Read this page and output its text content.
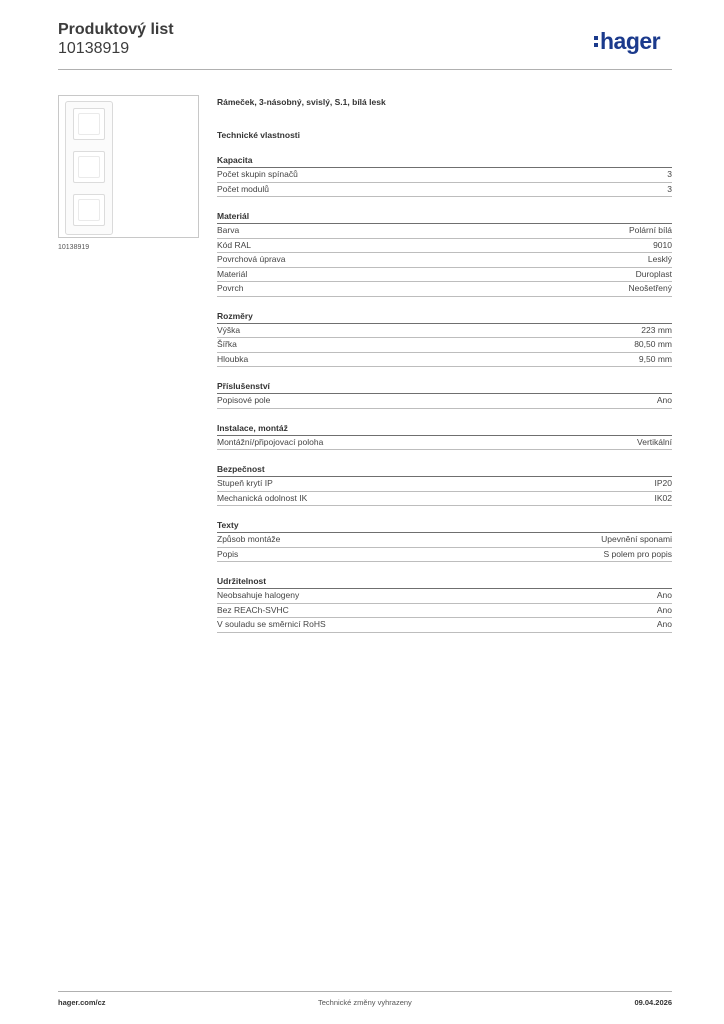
Produktový list
10138919	hager
10138919
Rámeček, 3-násobný, svislý, S.1, bílá lesk
Technické vlastnosti
Kapacita
Počet skupin spínačů	3
Počet modulů	3
Materiál
Barva	Polární bílá
Kód RAL	9010
Povrchová úprava	Lesklý
Materiál	Duroplast
Povrch	Neošetřený
Rozměry
Výška	223 mm
Šířka	80,50 mm
Hloubka	9,50 mm
Příslušenství
Popisové pole	Ano
Instalace, montáž
Montážní/připojovací poloha	Vertikální
Bezpečnost
Stupeň krytí IP	IP20
Mechanická odolnost IK	IK02
Texty
Způsob montáže	Upevnění sponami
Popis	S polem pro popis
Udržitelnost
Neobsahuje halogeny	Ano
Bez REACh-SVHC	Ano
V souladu se směrnicí RoHS	Ano
hager.com/cz	Technické změny vyhrazeny	09.04.2026
